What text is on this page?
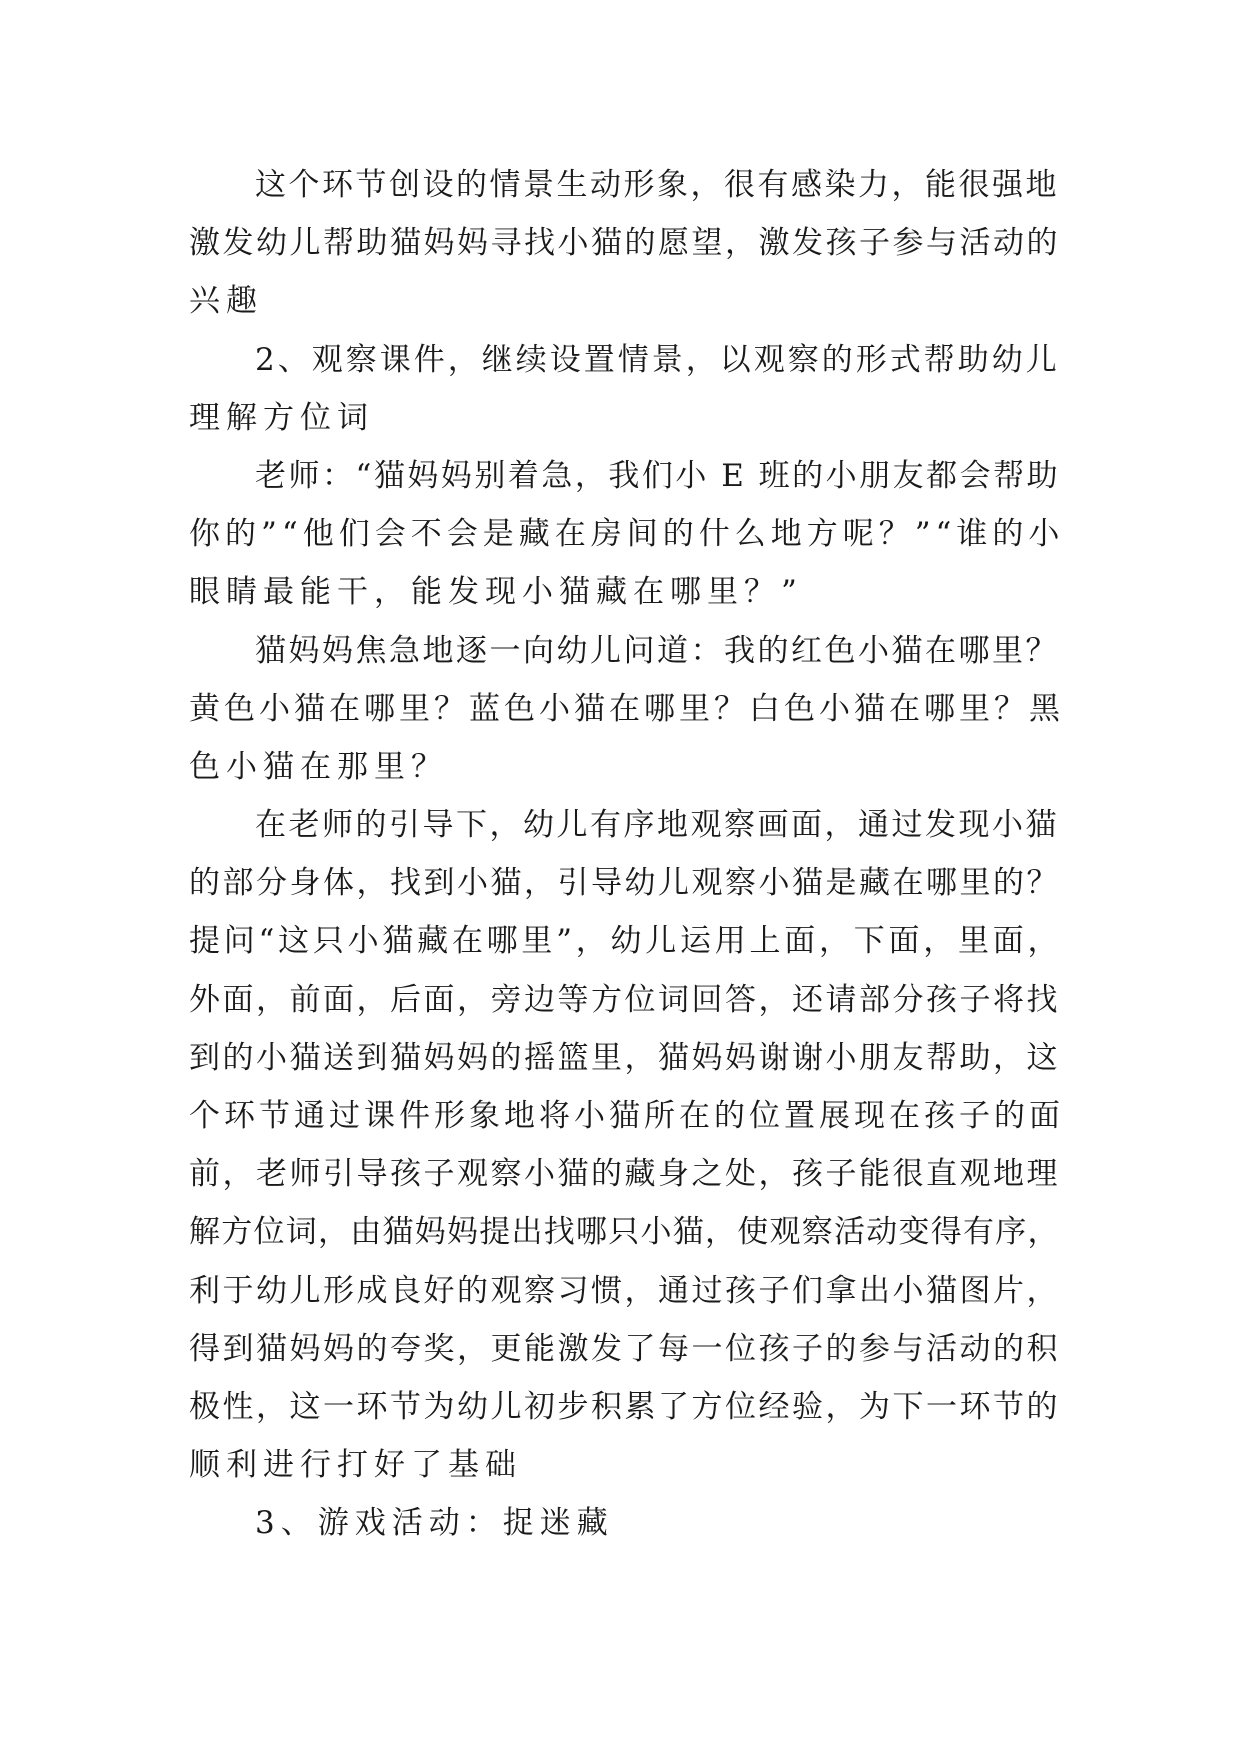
这个环节创设的情景生动形象，很有感染力，能很强地
激发幼儿帮助猫妈妈寻找小猫的愿望，激发孩子参与活动的
兴趣
2、观察课件，继续设置情景，以观察的形式帮助幼儿
理解方位词
老师：“猫妈妈别着急，我们小 E 班的小朋友都会帮助
你的”“他们会不会是藏在房间的什么地方呢？”“谁的小
眼睛最能干，能发现小猫藏在哪里？”
猫妈妈焦急地逐一向幼儿问道：我的红色小猫在哪里？
黄色小猫在哪里？蓝色小猫在哪里？白色小猫在哪里？黑
色小猫在那里？
在老师的引导下，幼儿有序地观察画面，通过发现小猫
的部分身体，找到小猫，引导幼儿观察小猫是藏在哪里的？
提问“这只小猫藏在哪里”，幼儿运用上面，下面，里面，
外面，前面，后面，旁边等方位词回答，还请部分孩子将找
到的小猫送到猫妈妈的摇篮里，猫妈妈谢谢小朋友帮助，这
个环节通过课件形象地将小猫所在的位置展现在孩子的面
前，老师引导孩子观察小猫的藏身之处，孩子能很直观地理
解方位词，由猫妈妈提出找哪只小猫，使观察活动变得有序，
利于幼儿形成良好的观察习惯，通过孩子们拿出小猫图片，
得到猫妈妈的夸奖，更能激发了每一位孩子的参与活动的积
极性，这一环节为幼儿初步积累了方位经验，为下一环节的
顺利进行打好了基础
3、游戏活动：捉迷藏
